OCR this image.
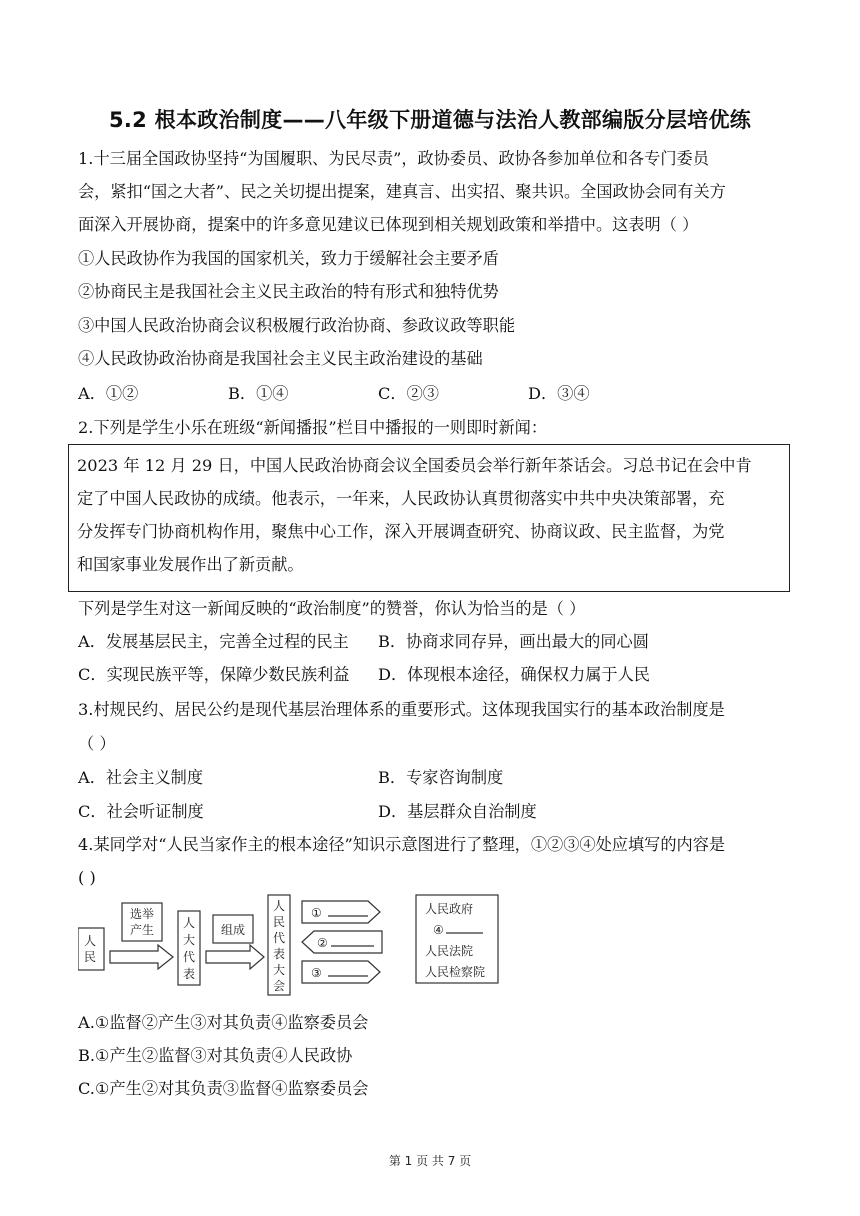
5.2 根本政治制度——八年级下册道德与法治人教部编版分层培优练
1.十三届全国政协坚持“为国履职、为民尽责”，政协委员、政协各参加单位和各专门委员
会，紧扣“国之大者”、民之关切提出提案，建真言、出实招、聚共识。全国政协会同有关方
面深入开展协商，提案中的许多意见建议已体现到相关规划政策和举措中。这表明（ ）
①人民政协作为我国的国家机关，致力于缓解社会主要矛盾
②协商民主是我国社会主义民主政治的特有形式和独特优势
③中国人民政治协商会议积极履行政治协商、参政议政等职能
④人民政协政治协商是我国社会主义民主政治建设的基础
A．①②	B．①④	C．②③	D．③④
2.下列是学生小乐在班级“新闻播报”栏目中播报的一则即时新闻：
2023 年 12 月 29 日，中国人民政治协商会议全国委员会举行新年茶话会。习总书记在会中肯
定了中国人民政协的成绩。他表示，一年来，人民政协认真贯彻落实中共中央决策部署，充
分发挥专门协商机构作用，聚焦中心工作，深入开展调查研究、协商议政、民主监督，为党
和国家事业发展作出了新贡献。
下列是学生对这一新闻反映的“政治制度”的赞誉，你认为恰当的是（ ）
A．发展基层民主，完善全过程的民主 B．协商求同存异，画出最大的同心圆
C．实现民族平等，保障少数民族利益 D．体现根本途径，确保权力属于人民
3.村规民约、居民公约是现代基层治理体系的重要形式。这体现我国实行的基本政治制度是
（ ）
A．社会主义制度	B．专家咨询制度
C．社会听证制度	D．基层群众自治制度
4.某同学对“人民当家作主的根本途径”知识示意图进行了整理，①②③④处应填写的内容是
( )
人
民
选举
产生 人
大
代
表
组成
人
民
代
表
大
会
①
②
③
人民政府
④
人民法院
人民检察院
A.①监督②产生③对其负责④监察委员会
B.①产生②监督③对其负责④人民政协
C.①产生②对其负责③监督④监察委员会
第 1 页 共 7 页
